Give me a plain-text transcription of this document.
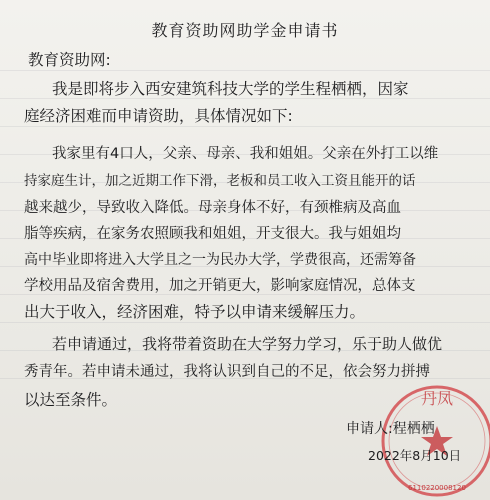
教育资助网助学金申请书
教育资助网:
我是即将步入西安建筑科技大学的学生程栖栖，因家
庭经济困难而申请资助，具体情况如下:
我家里有4口人，父亲、母亲、我和姐姐。父亲在外打工以维
持家庭生计，加之近期工作下滑，老板和员工收入工资且能开的话
越来越少，导致收入降低。母亲身体不好，有颈椎病及高血
脂等疾病，在家务农照顾我和姐姐，开支很大。我与姐姐均
高中毕业即将进入大学且之一为民办大学，学费很高，还需筹备
学校用品及宿舍费用，加之开销更大，影响家庭情况，总体支
出大于收入，经济困难，特予以申请来缓解压力。
若申请通过，我将带着资助在大学努力学习，乐于助人做优
秀青年。若申请未通过，我将认识到自己的不足，依会努力拼搏
以达至条件。	丹凤
申请人:程栖栖
2022年8月10日
6110220008120
